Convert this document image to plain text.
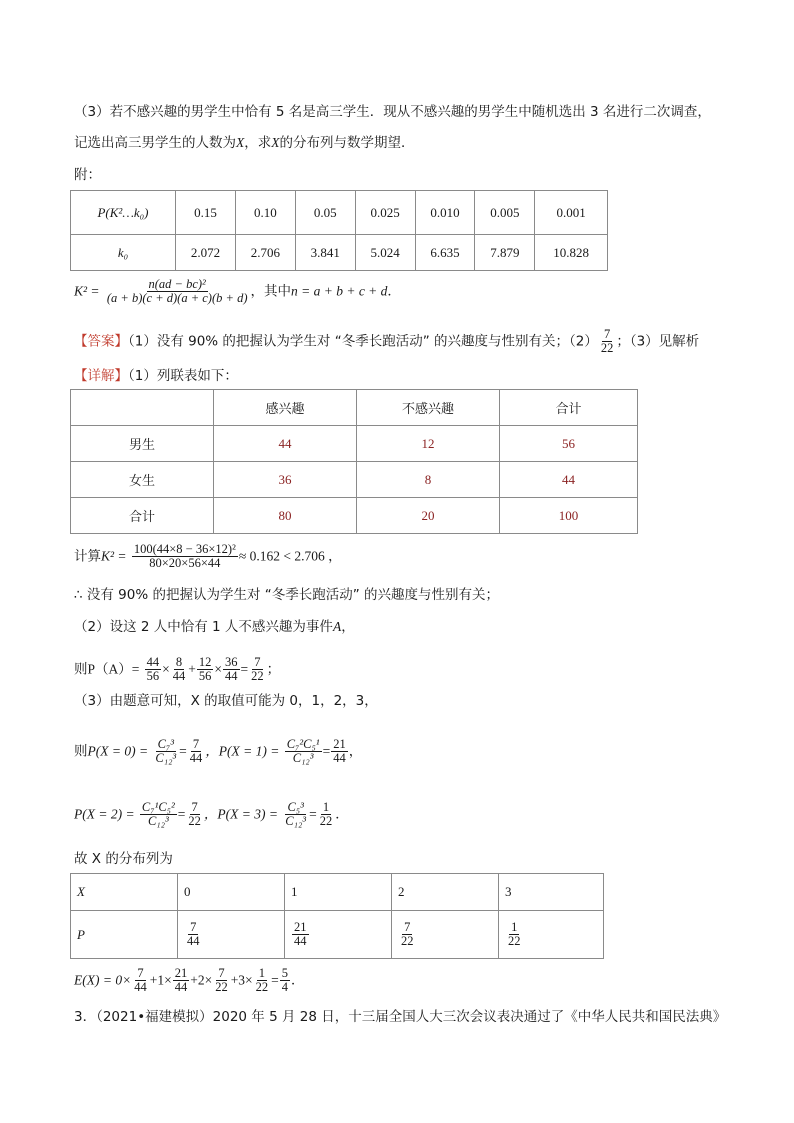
（3）若不感兴趣的男学生中恰有 5 名是高三学生．现从不感兴趣的男学生中随机选出 3 名进行二次调查，
记选出高三男学生的人数为X，求X的分布列与数学期望．
附：
P(K²…k₀)	0.15	0.10	0.05	0.025	0.010	0.005	0.001
k₀	2.072	2.706	3.841	5.024	6.635	7.879	10.828
$K^2 = \frac{\text{n(ad − bc)²}}{(a + b)(c + d)(a + c)(b + d)}$ ，其中n = a + b + c + d．
【答案】（1）没有 90% 的把握认为学生对 “冬季长跑活动” 的兴趣度与性别有关；$(2) \frac{7}{22}$ ；（3）见解析
【详解】（1）列联表如下：
	感兴趣	不感兴趣	合计
男生	44	12	56
女生	36	8	44
合计	80	20	100
计算$K^2 = \frac{\text{100(44×8 − 36×12)²}}{80\times 20\times 56\times 44} \approx 0.162 < 2.706$ ，
∴ 没有 90% 的把握认为学生对 “冬季长跑活动” 的兴趣度与性别有关；
（2）设这 2 人中恰有 1 人不感兴趣为事件A，
则$P(A)= \frac{44}{56} \times \frac{8}{44} + \frac{12}{56} \times \frac{36}{44} = \frac{7}{22}$ ；
（3）由题意可知，X 的取值可能为 0，1，2，3，
则$P(X = 0) = \frac{\text{C₇³}}{\text{C₁₂³}} = \frac{7}{44}$ ，$P(X = 1) = \frac{\text{C₇²C₅¹}}{\text{C₁₂³}} = \frac{21}{44}$ ，
$P(X = 2) = \frac{\text{C₇¹C₅²}}{\text{C₁₂³}} = \frac{7}{22}$ ，$P(X = 3) = \frac{\text{C₅³}}{\text{C₁₂³}} = \frac{1}{22}$ ．
故 X 的分布列为
X	0	1	2	3
P	$\frac{7}{44}$	$\frac{21}{44}$	$\frac{7}{22}$	$\frac{1}{22}$
$E(X) = 0\times \frac{7}{44} +1\times \frac{21}{44} +2\times \frac{7}{22} +3\times \frac{1}{22} = \frac{5}{4}$ ．
3．（2021•福建模拟）2020 年 5 月 28 日，十三届全国人大三次会议表决通过了《中华人民共和国民法典》
